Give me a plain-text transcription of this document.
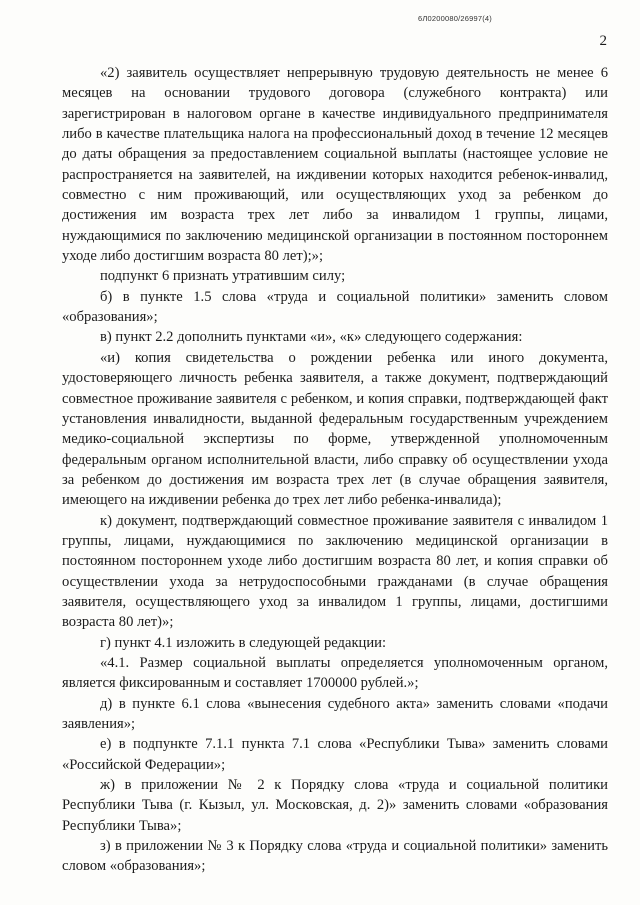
6Л0200080/26997(4)
2

«2) заявитель осуществляет непрерывную трудовую деятельность не менее 6 месяцев на основании трудового договора (служебного контракта) или зарегистрирован в налоговом органе в качестве индивидуального предпринимателя либо в качестве плательщика налога на профессиональный доход в течение 12 месяцев до даты обращения за предоставлением социальной выплаты (настоящее условие не распространяется на заявителей, на иждивении которых находится ребенок-инвалид, совместно с ним проживающий, или осуществляющих уход за ребенком до достижения им возраста трех лет либо за инвалидом 1 группы, лицами, нуждающимися по заключению медицинской организации в постоянном постороннем уходе либо достигшим возраста 80 лет);»;

подпункт 6 признать утратившим силу;

б) в пункте 1.5 слова «труда и социальной политики» заменить словом «образования»;

в) пункт 2.2 дополнить пунктами «и», «к» следующего содержания:

«и) копия свидетельства о рождении ребенка или иного документа, удостоверяющего личность ребенка заявителя, а также документ, подтверждающий совместное проживание заявителя с ребенком, и копия справки, подтверждающей факт установления инвалидности, выданной федеральным государственным учреждением медико-социальной экспертизы по форме, утвержденной уполномоченным федеральным органом исполнительной власти, либо справку об осуществлении ухода за ребенком до достижения им возраста трех лет (в случае обращения заявителя, имеющего на иждивении ребенка до трех лет либо ребенка-инвалида);

к) документ, подтверждающий совместное проживание заявителя с инвалидом 1 группы, лицами, нуждающимися по заключению медицинской организации в постоянном постороннем уходе либо достигшим возраста 80 лет, и копия справки об осуществлении ухода за нетрудоспособными гражданами (в случае обращения заявителя, осуществляющего уход за инвалидом 1 группы, лицами, достигшими возраста 80 лет)»;

г) пункт 4.1 изложить в следующей редакции:

«4.1. Размер социальной выплаты определяется уполномоченным органом, является фиксированным и составляет 1700000 рублей.»;

д) в пункте 6.1 слова «вынесения судебного акта» заменить словами «подачи заявления»;

е) в подпункте 7.1.1 пункта 7.1 слова «Республики Тыва» заменить словами «Российской Федерации»;

ж) в приложении № 2 к Порядку слова «труда и социальной политики Республики Тыва (г. Кызыл, ул. Московская, д. 2)» заменить словами «образования Республики Тыва»;

з) в приложении № 3 к Порядку слова «труда и социальной политики» заменить словом «образования»;
